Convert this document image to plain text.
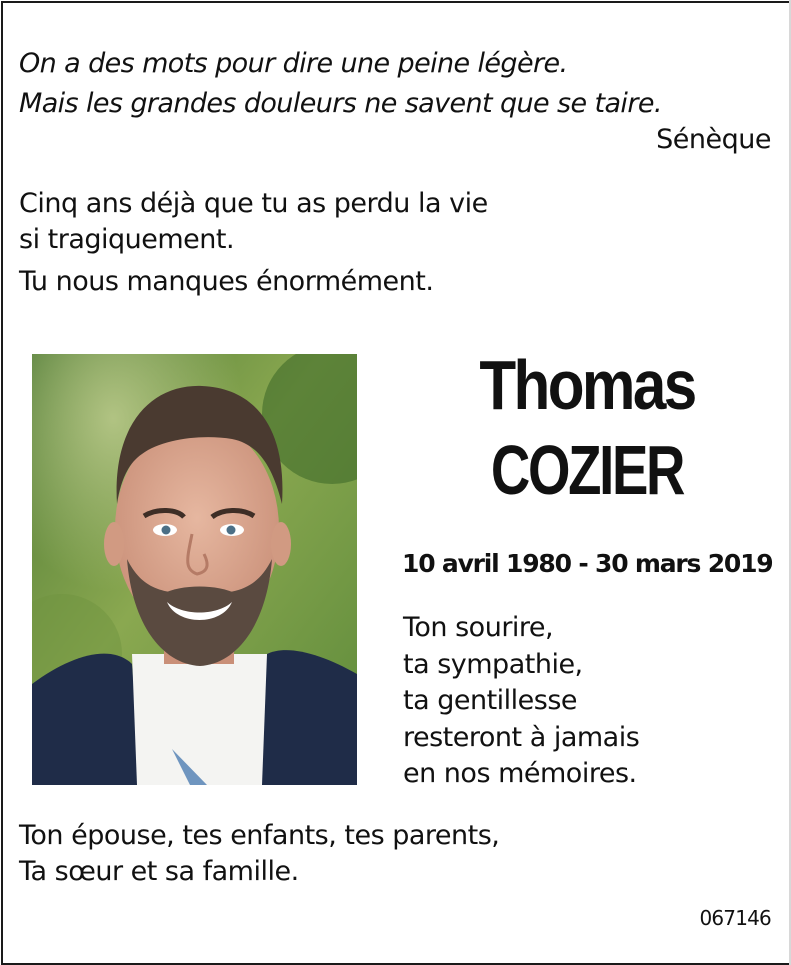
On a des mots pour dire une peine légère.
Mais les grandes douleurs ne savent que se taire.

Sénèque
Cinq ans déjà que tu as perdu la vie
si tragiquement.
Tu nous manques énormément.
Thomas
COZIER
10 avril 1980 - 30 mars 2019
Ton sourire,
ta sympathie,
ta gentillesse
resteront à jamais
en nos mémoires.
Ton épouse, tes enfants, tes parents,
Ta sœur et sa famille.
067146
